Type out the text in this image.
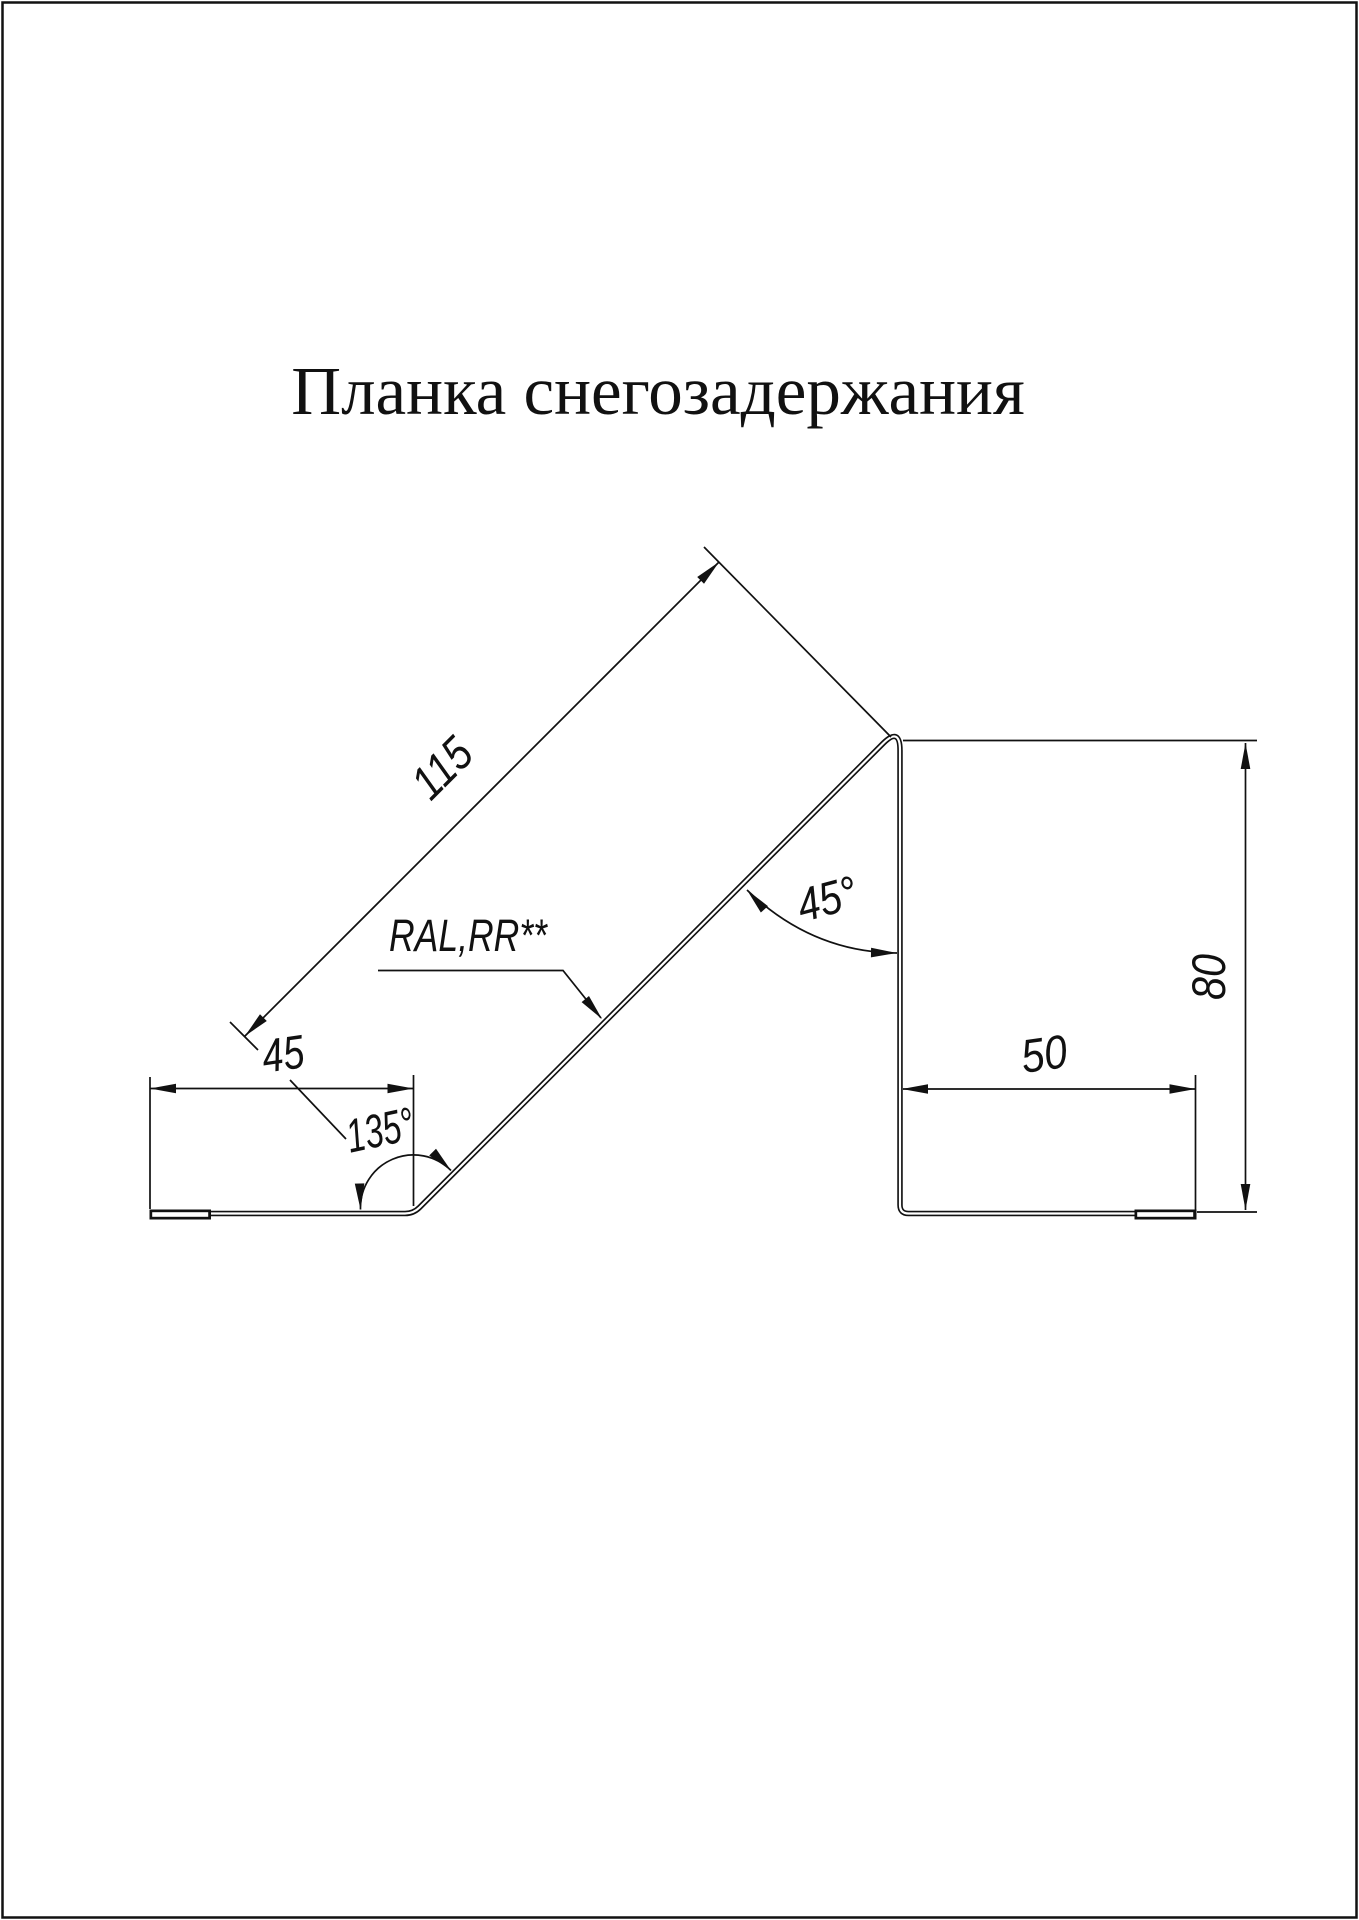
Планка снегозадержания
115
45
135°
45°
RAL,RR**
50
80
